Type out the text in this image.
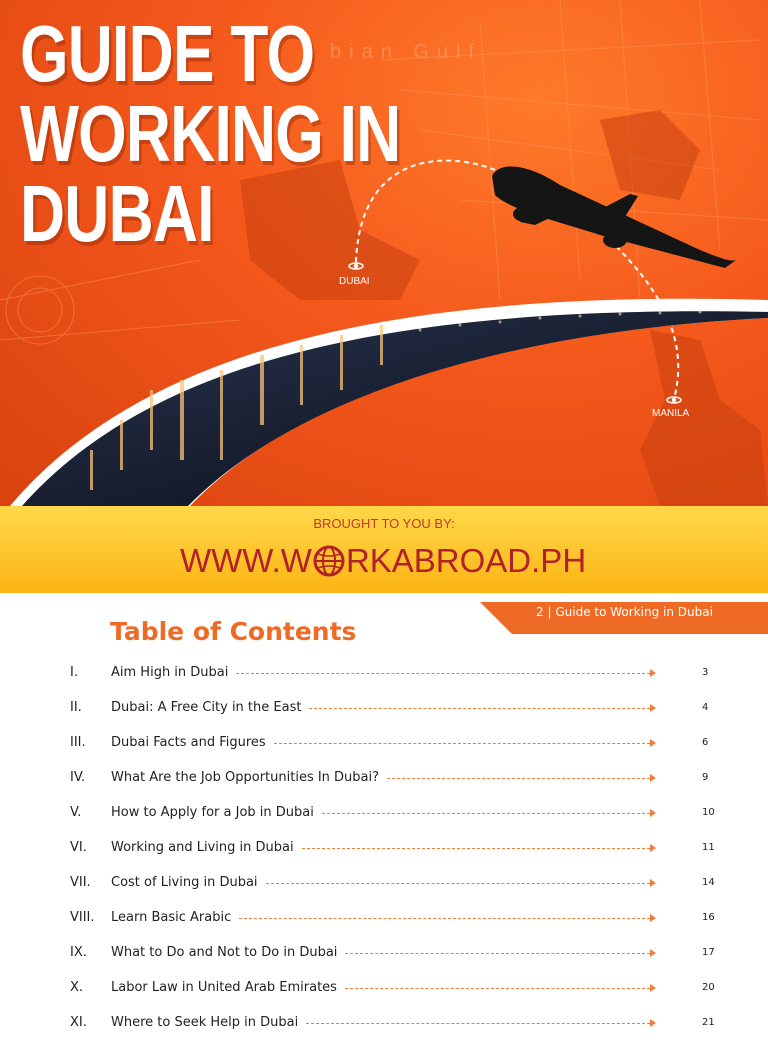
bian Gulf
GUIDE TO
WORKING IN
DUBAI
DUBAI
MANILA
BROUGHT TO YOU BY:
WWW.W RKABROAD.PH
2 | Guide to Working in Dubai
Table of Contents
I.	Aim High in Dubai	3
II. Dubai: A Free City in the East	4
III. Dubai Facts and Figures	6
IV. What Are the Job Opportunities In Dubai?	9
V. How to Apply for a Job in Dubai	10
VI. Working and Living in Dubai	11
VII. Cost of Living in Dubai	14
VIII. Learn Basic Arabic	16
IX. What to Do and Not to Do in Dubai	17
X. Labor Law in United Arab Emirates	20
XI. Where to Seek Help in Dubai	21
